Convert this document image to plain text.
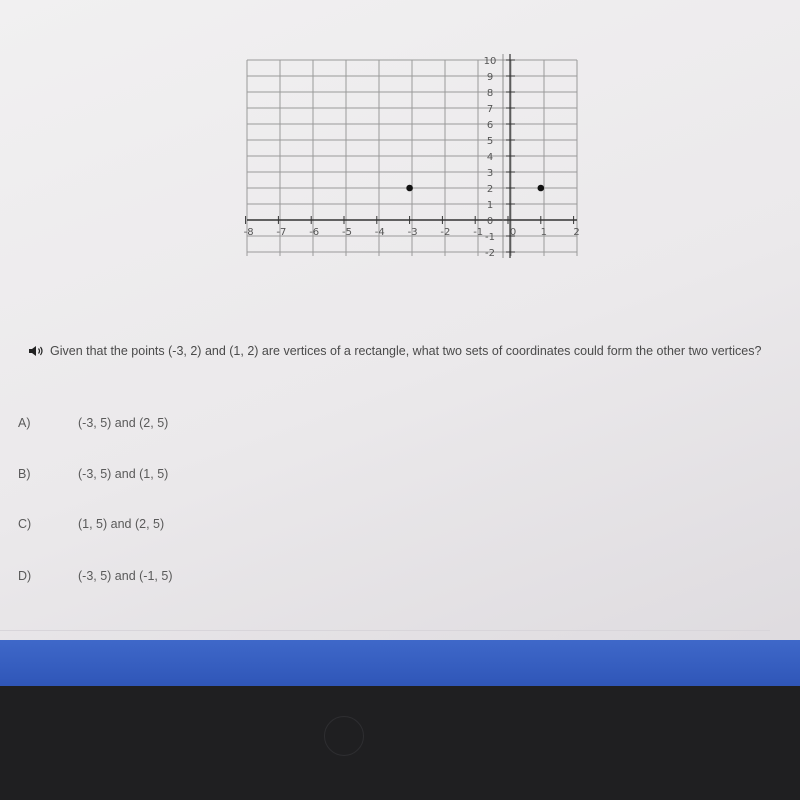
-8 -7 -6 -5 -4 -3 -2 -1	0 1	2
10
9
8
7
6
5
4
3
2
1
0
-1
-2
Given that the points (-3, 2) and (1, 2) are vertices of a rectangle, what two sets of coordinates could form the other two vertices?
A)	(-3, 5) and (2, 5)
B)	(-3, 5) and (1, 5)
C)	(1, 5) and (2, 5)
D)	(-3, 5) and (-1, 5)
